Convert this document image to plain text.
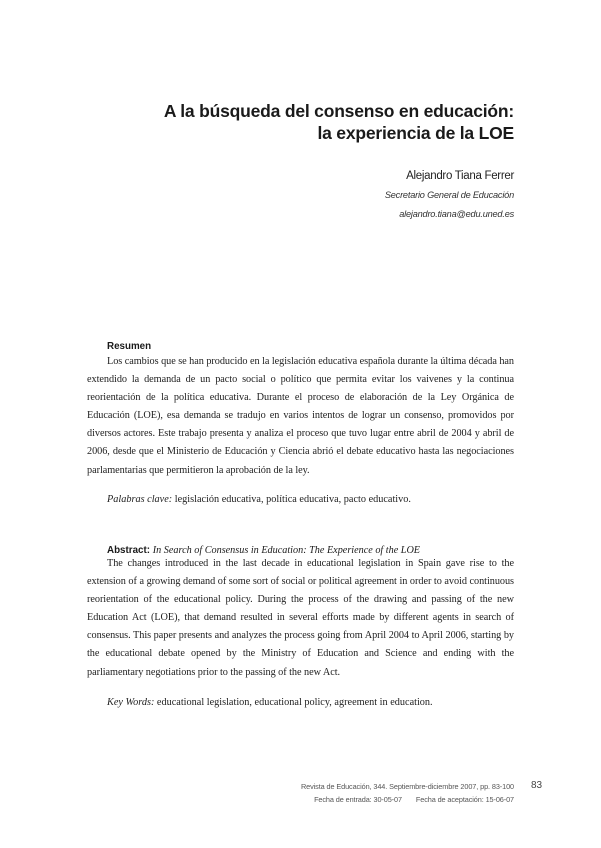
A la búsqueda del consenso en educación:
la experiencia de la LOE
Alejandro Tiana Ferrer
Secretario General de Educación
alejandro.tiana@edu.uned.es
Resumen
Los cambios que se han producido en la legislación educativa española durante la última década han extendido la demanda de un pacto social o político que permita evitar los vaivenes y la continua reorientación de la política educativa. Durante el proceso de elaboración de la Ley Orgánica de Educación (LOE), esa demanda se tradujo en varios intentos de lograr un consenso, promovidos por diversos actores. Este trabajo presenta y analiza el proceso que tuvo lugar entre abril de 2004 y abril de 2006, desde que el Ministerio de Educación y Ciencia abrió el debate educativo hasta las negociaciones parlamentarias que permitieron la aprobación de la ley.
Palabras clave: legislación educativa, política educativa, pacto educativo.
Abstract: In Search of Consensus in Education: The Experience of the LOE
The changes introduced in the last decade in educational legislation in Spain gave rise to the extension of a growing demand of some sort of social or political agreement in order to avoid continuous reorientation of the educational policy. During the process of the drawing and passing of the new Education Act (LOE), that demand resulted in several efforts made by different agents in search of consensus. This paper presents and analyzes the process going from April 2004 to April 2006, starting by the educational debate opened by the Ministry of Education and Science and ending with the parliamentary negotiations prior to the passing of the new Act.
Key Words: educational legislation, educational policy, agreement in education.
Revista de Educación, 344. Septiembre-diciembre 2007, pp. 83-100
Fecha de entrada: 30-05-07 Fecha de aceptación: 15-06-07
83
